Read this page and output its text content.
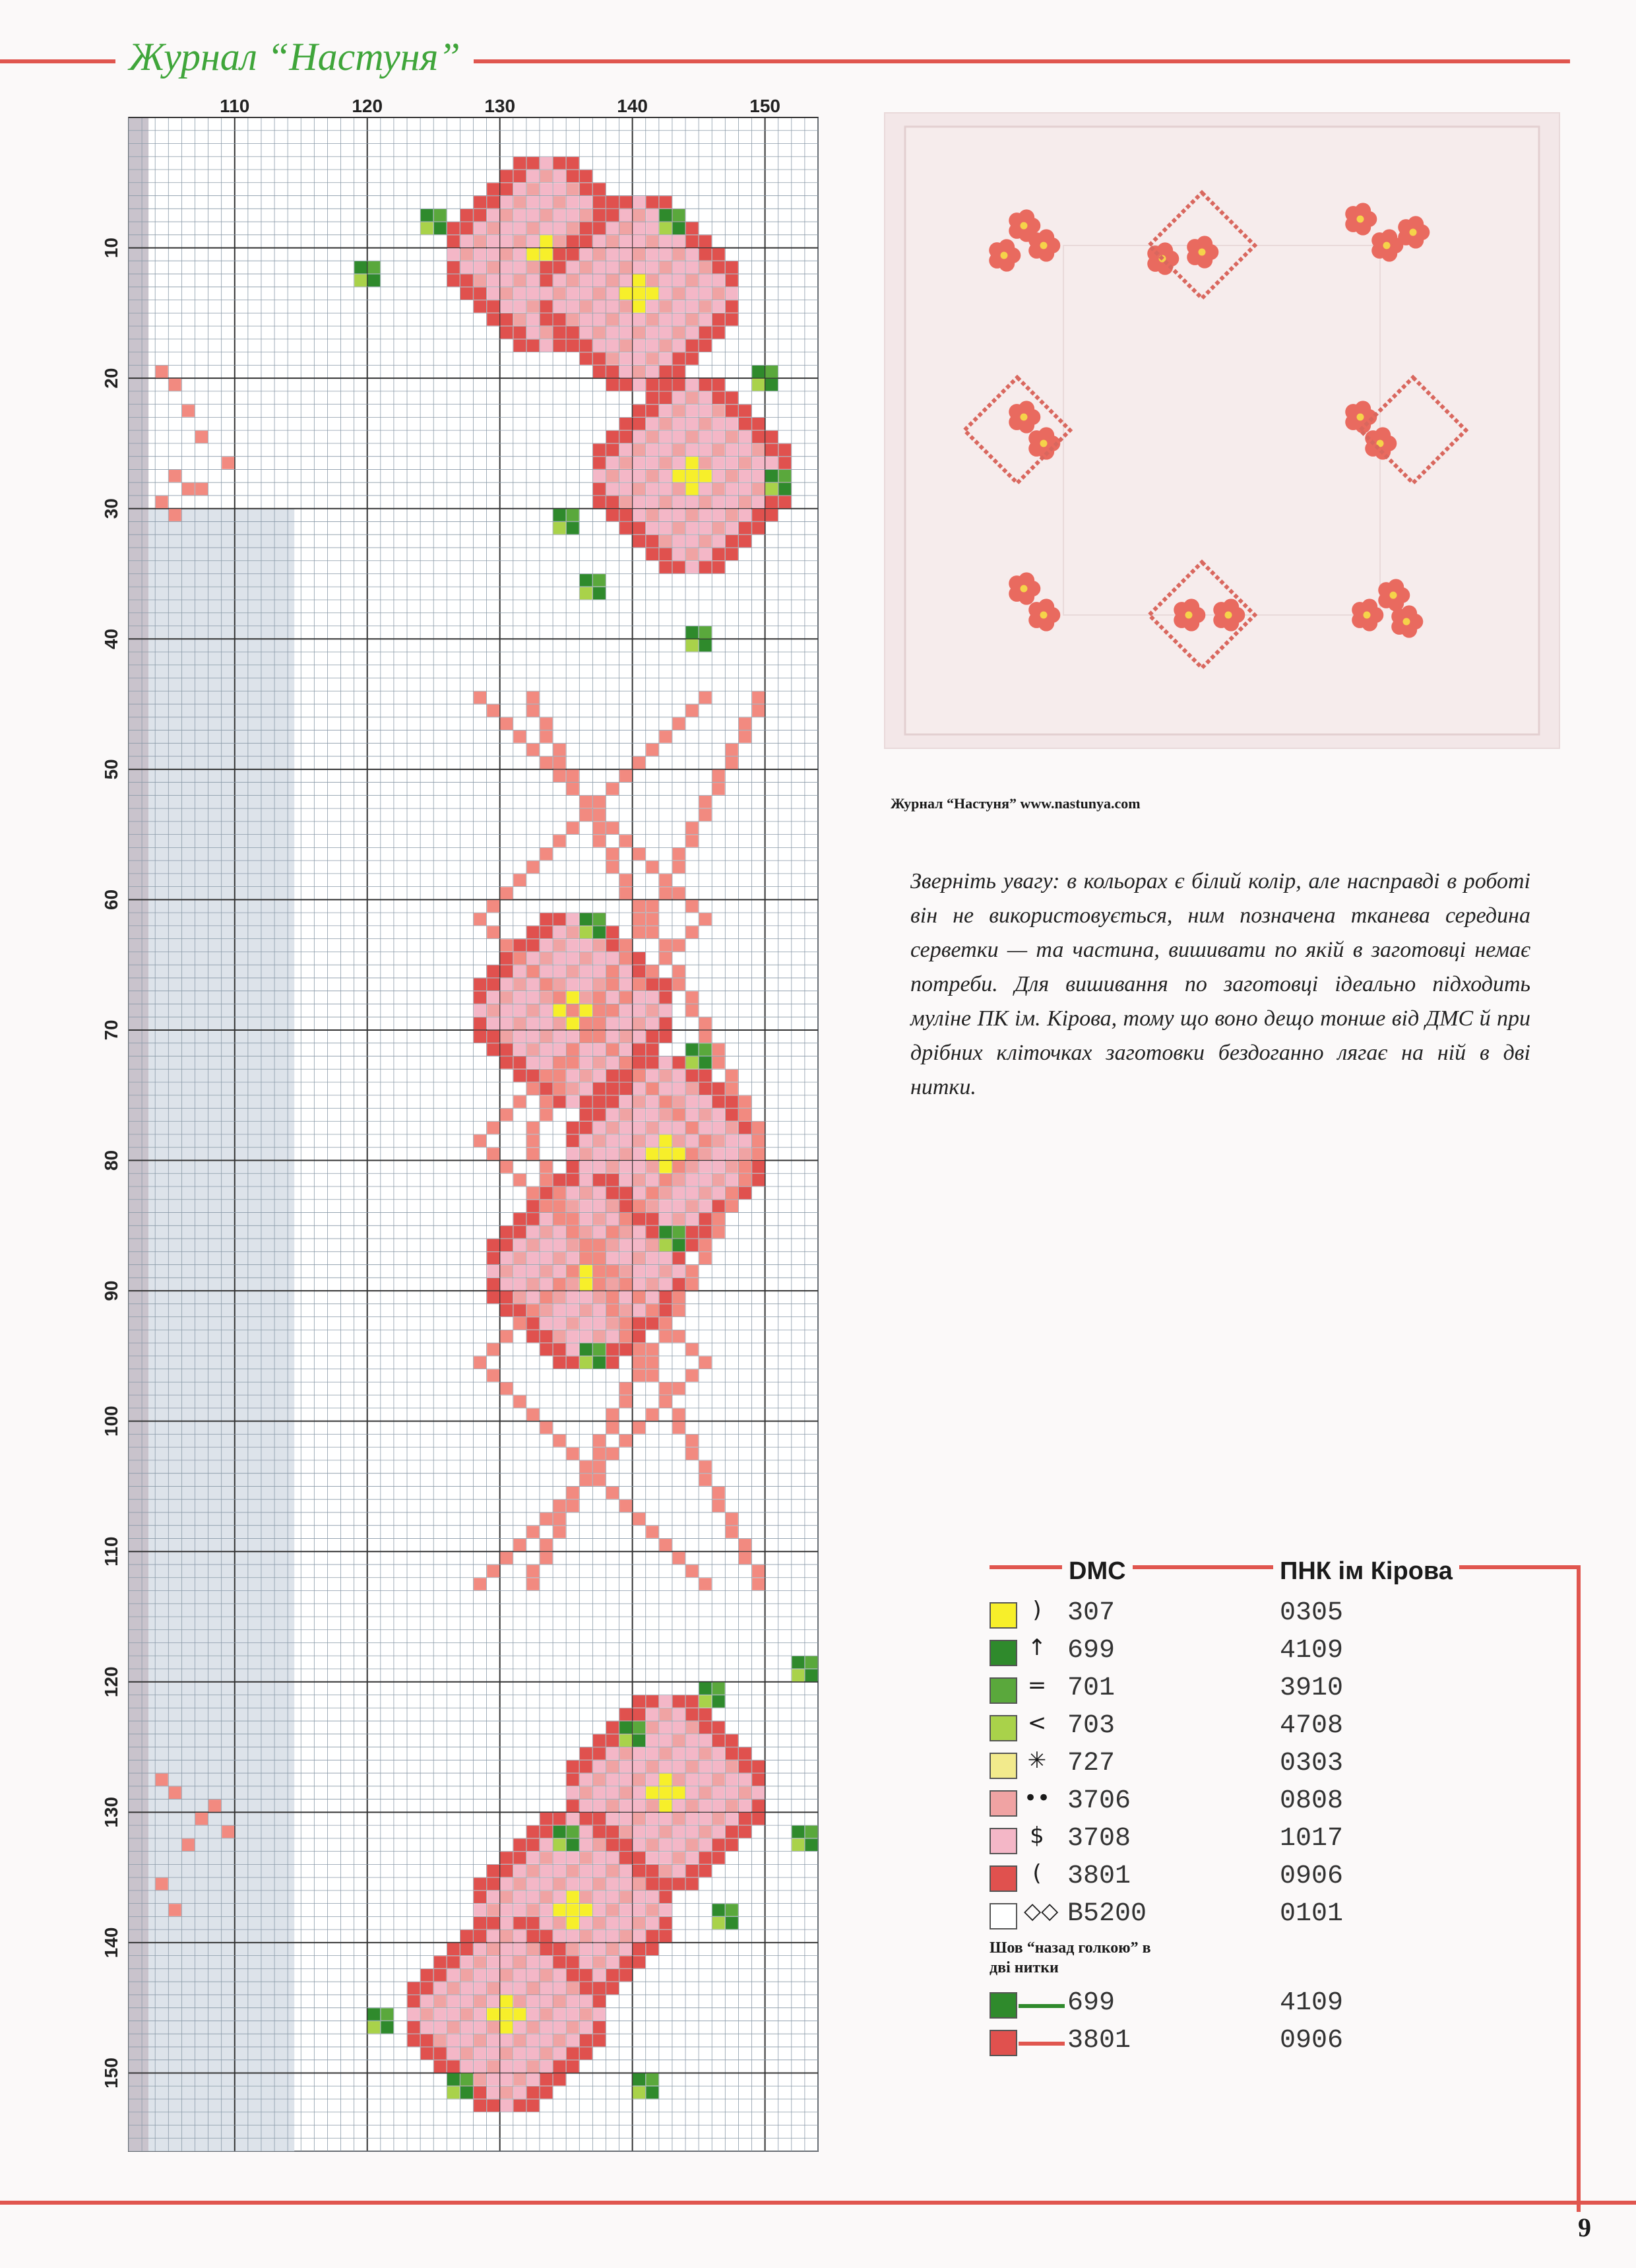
Журнал “Настуня”
110	120	130	140	150
10
20
30
40
50
60
70
80
90
100
110
120
130
140
150
Журнал “Настуня” www.nastunya.com
Зверніть увагу: в кольорах є білий колір, але насправді в роботі він не використовується, ним позначена тканева середина серветки — та частина, вишивати по якій в заготовці немає потреби. Для вишивання по заготовці ідеально підходить муліне ПК ім. Кірова, тому що воно дещо тонше від ДМС й при дрібних кліточках заготовки бездоганно лягає на ній в дві нитки.
DMC	ПНК ім Кірова
) 307	0305
↑ 699	4109
= 701	3910
< 703	4708
✳ 727	0303
•• 3706	0808
$ 3708	1017
( 3801	0906
◇◇ B5200	0101
Шов “назад голкою” в дві нитки
699	4109
3801	0906
9
